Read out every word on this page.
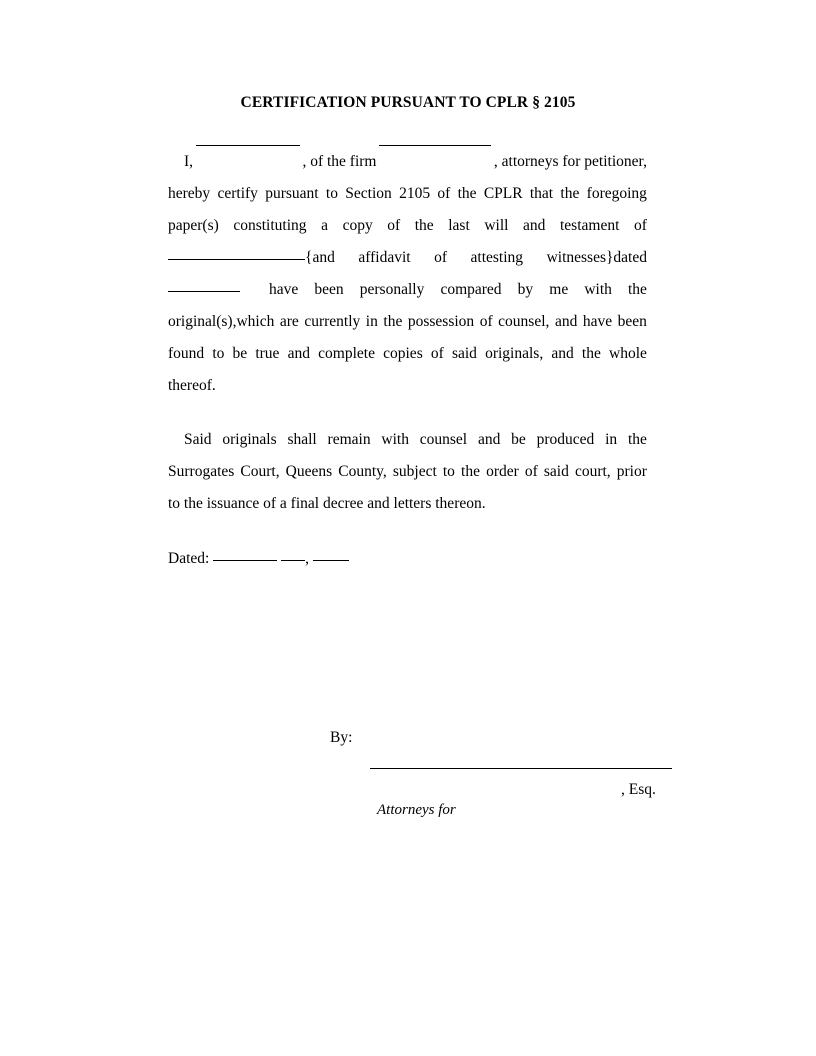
CERTIFICATION PURSUANT TO CPLR § 2105
I,	, of the firm	, attorneys for petitioner,
hereby certify pursuant to Section 2105 of the CPLR that the foregoing
paper(s) constituting a copy of the last will and testament of
{and affidavit of attesting witnesses}dated
have been personally compared by me with the
original(s),which are currently in the possession of counsel, and have been
found to be true and complete copies of said originals, and the whole
thereof.
Said originals shall remain with counsel and be produced in the
Surrogates Court, Queens County, subject to the order of said court, prior
to the issuance of a final decree and letters thereon.
Dated:	,
By:
, Esq.
Attorneys for
